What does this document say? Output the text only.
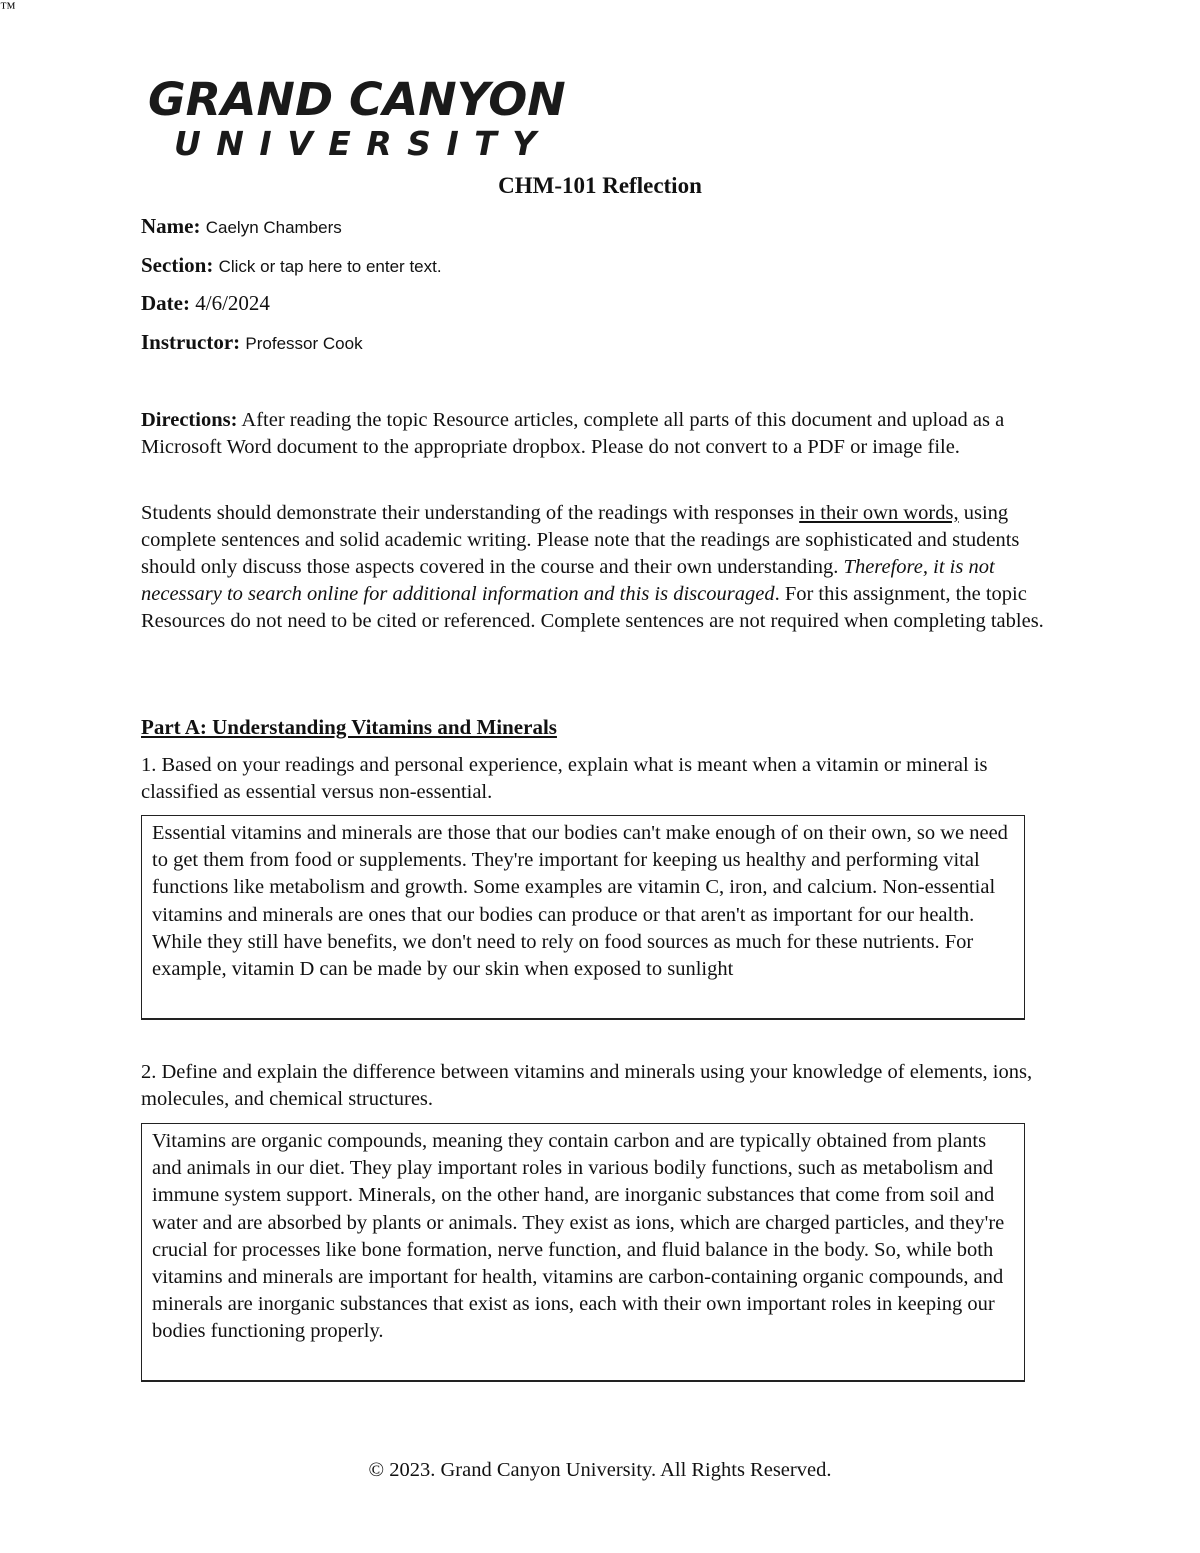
GRAND CANYON
UNIVERSITY
™
CHM-101 Reflection
Name: Caelyn Chambers
Section: Click or tap here to enter text.
Date: 4/6/2024
Instructor: Professor Cook

Directions: After reading the topic Resource articles, complete all parts of this document and upload as a Microsoft Word document to the appropriate dropbox. Please do not convert to a PDF or image file.

Students should demonstrate their understanding of the readings with responses in their own words, using complete sentences and solid academic writing. Please note that the readings are sophisticated and students should only discuss those aspects covered in the course and their own understanding. Therefore, it is not necessary to search online for additional information and this is discouraged. For this assignment, the topic Resources do not need to be cited or referenced. Complete sentences are not required when completing tables.

Part A: Understanding Vitamins and Minerals
1. Based on your readings and personal experience, explain what is meant when a vitamin or mineral is classified as essential versus non-essential.
Essential vitamins and minerals are those that our bodies can't make enough of on their own, so we need to get them from food or supplements. They're important for keeping us healthy and performing vital functions like metabolism and growth. Some examples are vitamin C, iron, and calcium. Non-essential vitamins and minerals are ones that our bodies can produce or that aren't as important for our health. While they still have benefits, we don't need to rely on food sources as much for these nutrients. For example, vitamin D can be made by our skin when exposed to sunlight
2. Define and explain the difference between vitamins and minerals using your knowledge of elements, ions, molecules, and chemical structures.
Vitamins are organic compounds, meaning they contain carbon and are typically obtained from plants and animals in our diet. They play important roles in various bodily functions, such as metabolism and immune system support. Minerals, on the other hand, are inorganic substances that come from soil and water and are absorbed by plants or animals. They exist as ions, which are charged particles, and they're crucial for processes like bone formation, nerve function, and fluid balance in the body. So, while both vitamins and minerals are important for health, vitamins are carbon-containing organic compounds, and minerals are inorganic substances that exist as ions, each with their own important roles in keeping our bodies functioning properly.
© 2023. Grand Canyon University. All Rights Reserved.
